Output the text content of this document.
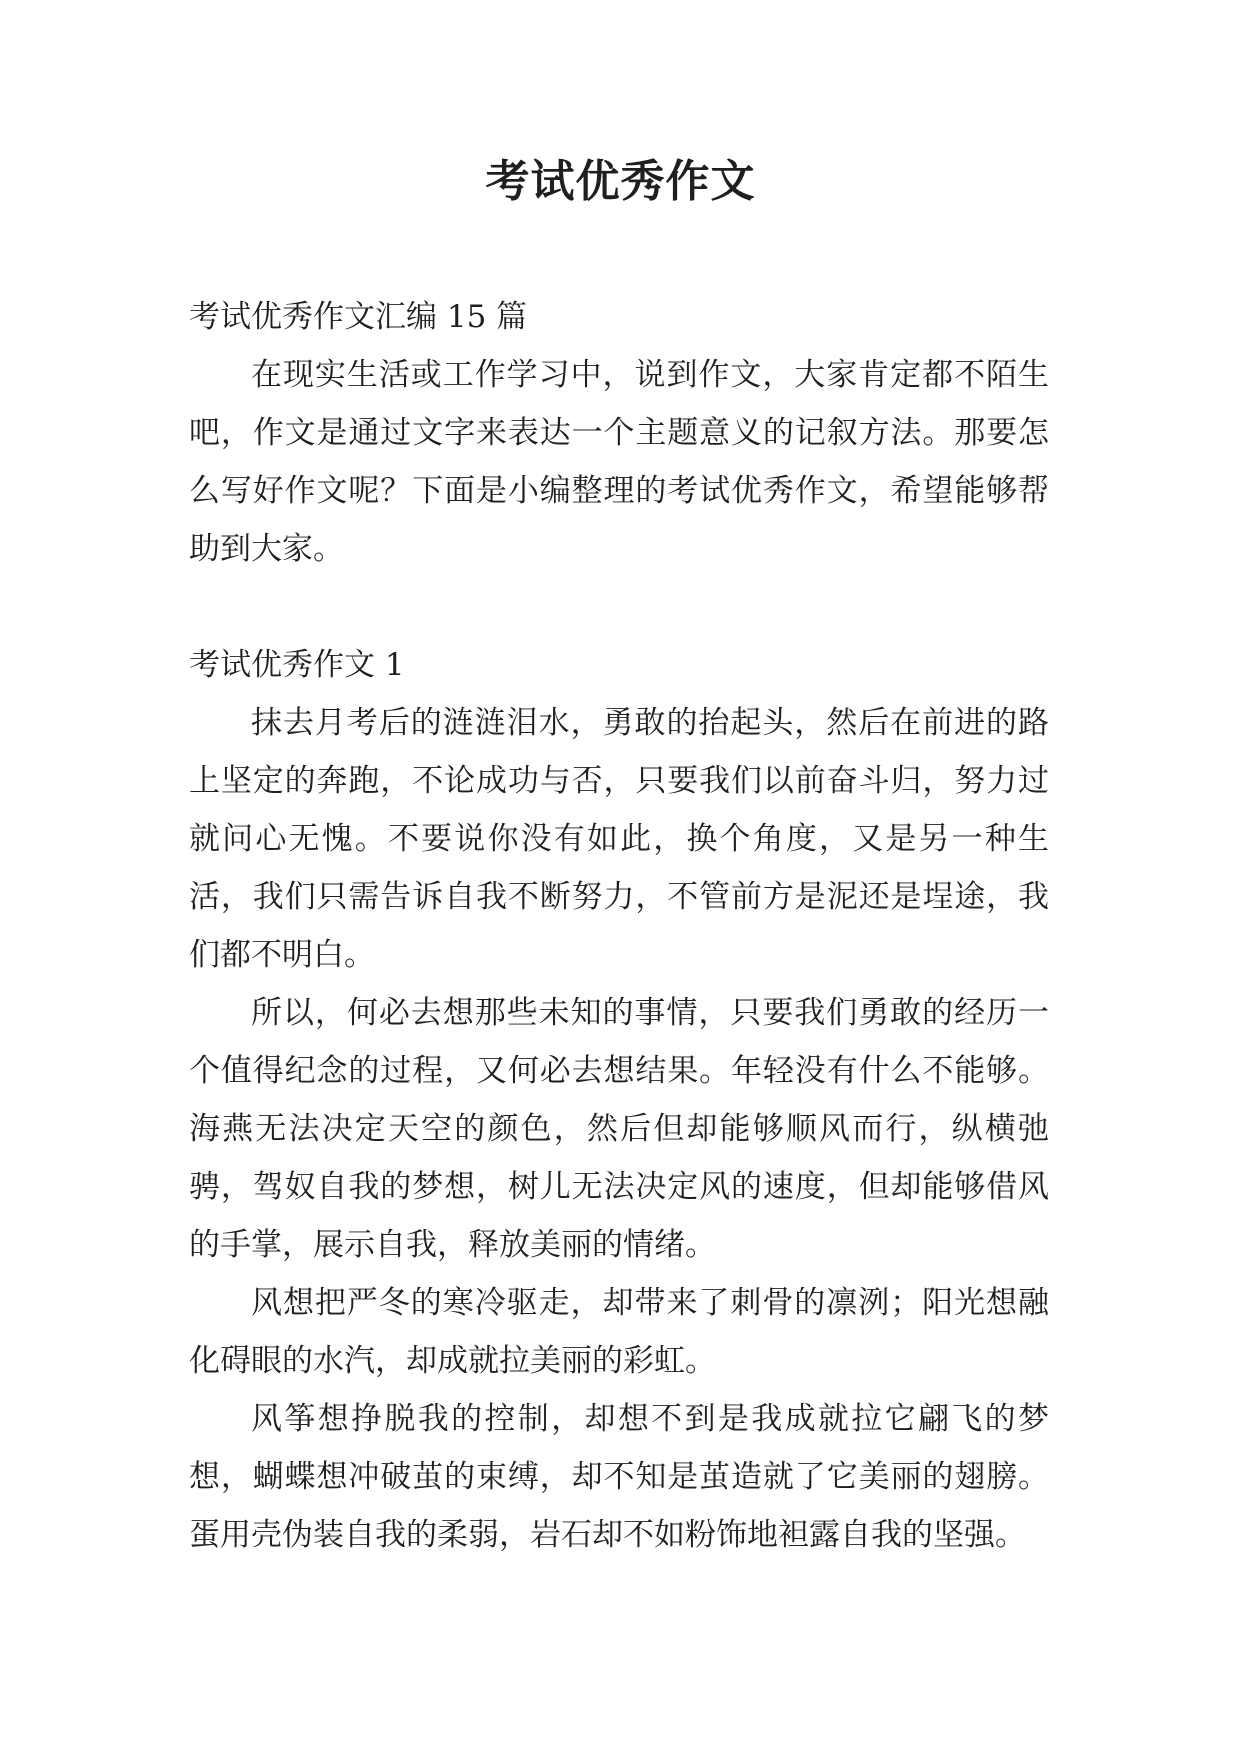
考试优秀作文

考试优秀作文汇编 15 篇

在现实生活或工作学习中，说到作文，大家肯定都不陌生吧，作文是通过文字来表达一个主题意义的记叙方法。那要怎么写好作文呢？下面是小编整理的考试优秀作文，希望能够帮助到大家。

考试优秀作文 1

抹去月考后的涟涟泪水，勇敢的抬起头，然后在前进的路上坚定的奔跑，不论成功与否，只要我们以前奋斗归，努力过就问心无愧。不要说你没有如此，换个角度，又是另一种生活，我们只需告诉自我不断努力，不管前方是泥还是埕途，我们都不明白。

所以，何必去想那些未知的事情，只要我们勇敢的经历一个值得纪念的过程，又何必去想结果。年轻没有什么不能够。海燕无法决定天空的颜色，然后但却能够顺风而行，纵横弛骋，驾奴自我的梦想，树儿无法决定风的速度，但却能够借风的手掌，展示自我，释放美丽的情绪。

风想把严冬的寒冷驱走，却带来了刺骨的凛洌；阳光想融化碍眼的水汽，却成就拉美丽的彩虹。

风筝想挣脱我的控制，却想不到是我成就拉它翩飞的梦想，蝴蝶想冲破茧的束缚，却不知是茧造就了它美丽的翅膀。蛋用壳伪装自我的柔弱，岩石却不如粉饰地袒露自我的坚强。
